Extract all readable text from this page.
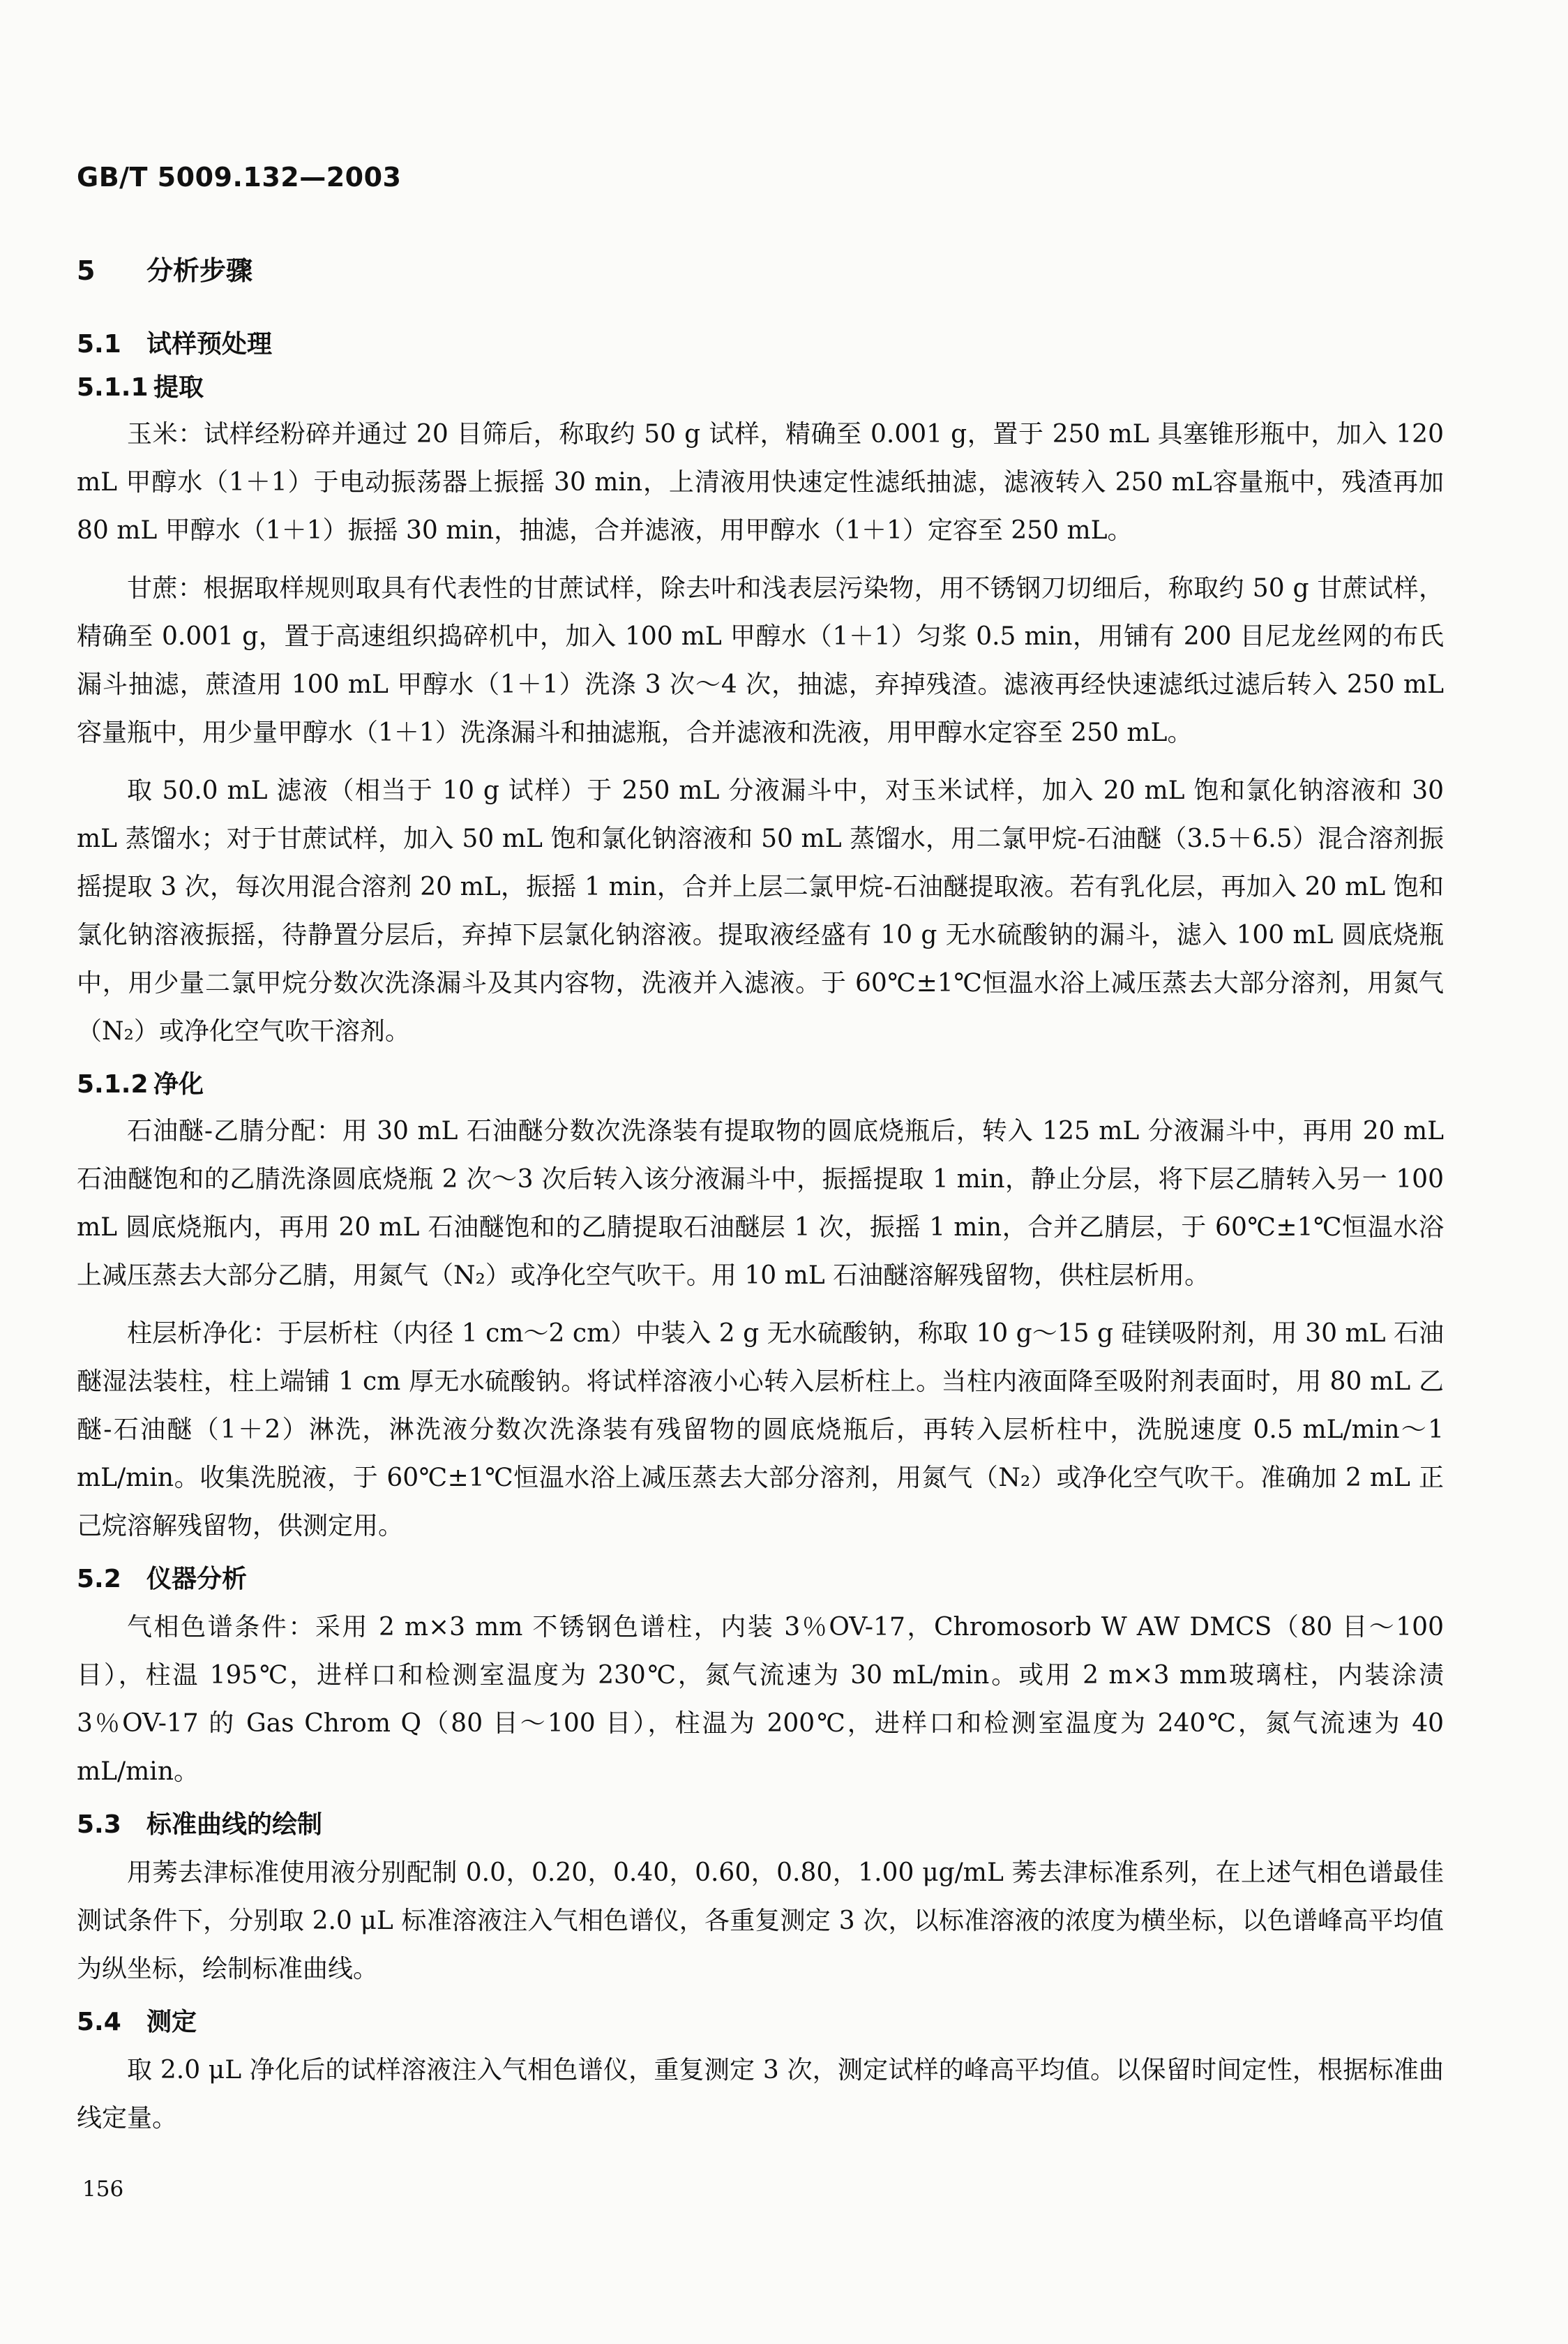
GB/T 5009.132—2003
5 分析步骤
5.1 试样预处理
5.1.1 提取

玉米：试样经粉碎并通过 20 目筛后，称取约 50 g 试样，精确至 0.001 g，置于 250 mL 具塞锥形瓶中，加入 120 mL 甲醇水（1＋1）于电动振荡器上振摇 30 min，上清液用快速定性滤纸抽滤，滤液转入 250 mL容量瓶中，残渣再加 80 mL 甲醇水（1＋1）振摇 30 min，抽滤，合并滤液，用甲醇水（1＋1）定容至 250 mL。

甘蔗：根据取样规则取具有代表性的甘蔗试样，除去叶和浅表层污染物，用不锈钢刀切细后，称取约 50 g 甘蔗试样，精确至 0.001 g，置于高速组织捣碎机中，加入 100 mL 甲醇水（1＋1）匀浆 0.5 min，用铺有 200 目尼龙丝网的布氏漏斗抽滤，蔗渣用 100 mL 甲醇水（1＋1）洗涤 3 次～4 次，抽滤，弃掉残渣。滤液再经快速滤纸过滤后转入 250 mL 容量瓶中，用少量甲醇水（1＋1）洗涤漏斗和抽滤瓶，合并滤液和洗液，用甲醇水定容至 250 mL。

取 50.0 mL 滤液（相当于 10 g 试样）于 250 mL 分液漏斗中，对玉米试样，加入 20 mL 饱和氯化钠溶液和 30 mL 蒸馏水；对于甘蔗试样，加入 50 mL 饱和氯化钠溶液和 50 mL 蒸馏水，用二氯甲烷-石油醚（3.5＋6.5）混合溶剂振摇提取 3 次，每次用混合溶剂 20 mL，振摇 1 min，合并上层二氯甲烷-石油醚提取液。若有乳化层，再加入 20 mL 饱和氯化钠溶液振摇，待静置分层后，弃掉下层氯化钠溶液。提取液经盛有 10 g 无水硫酸钠的漏斗，滤入 100 mL 圆底烧瓶中，用少量二氯甲烷分数次洗涤漏斗及其内容物，洗液并入滤液。于 60℃±1℃恒温水浴上减压蒸去大部分溶剂，用氮气（N₂）或净化空气吹干溶剂。

5.1.2 净化

石油醚-乙腈分配：用 30 mL 石油醚分数次洗涤装有提取物的圆底烧瓶后，转入 125 mL 分液漏斗中，再用 20 mL 石油醚饱和的乙腈洗涤圆底烧瓶 2 次～3 次后转入该分液漏斗中，振摇提取 1 min，静止分层，将下层乙腈转入另一 100 mL 圆底烧瓶内，再用 20 mL 石油醚饱和的乙腈提取石油醚层 1 次，振摇 1 min，合并乙腈层，于 60℃±1℃恒温水浴上减压蒸去大部分乙腈，用氮气（N₂）或净化空气吹干。用 10 mL 石油醚溶解残留物，供柱层析用。

柱层析净化：于层析柱（内径 1 cm～2 cm）中装入 2 g 无水硫酸钠，称取 10 g～15 g 硅镁吸附剂，用 30 mL 石油醚湿法装柱，柱上端铺 1 cm 厚无水硫酸钠。将试样溶液小心转入层析柱上。当柱内液面降至吸附剂表面时，用 80 mL 乙醚-石油醚（1＋2）淋洗，淋洗液分数次洗涤装有残留物的圆底烧瓶后，再转入层析柱中，洗脱速度 0.5 mL/min～1 mL/min。收集洗脱液，于 60℃±1℃恒温水浴上减压蒸去大部分溶剂，用氮气（N₂）或净化空气吹干。准确加 2 mL 正己烷溶解残留物，供测定用。

5.2 仪器分析

气相色谱条件：采用 2 m×3 mm 不锈钢色谱柱，内装 3％OV-17，Chromosorb W AW DMCS（80 目～100 目），柱温 195℃，进样口和检测室温度为 230℃，氮气流速为 30 mL/min。或用 2 m×3 mm玻璃柱，内装涂渍 3％OV-17 的 Gas Chrom Q（80 目～100 目），柱温为 200℃，进样口和检测室温度为 240℃，氮气流速为 40 mL/min。

5.3 标准曲线的绘制

用莠去津标准使用液分别配制 0.0，0.20，0.40，0.60，0.80，1.00 μg/mL 莠去津标准系列，在上述气相色谱最佳测试条件下，分别取 2.0 μL 标准溶液注入气相色谱仪，各重复测定 3 次，以标准溶液的浓度为横坐标，以色谱峰高平均值为纵坐标，绘制标准曲线。

5.4 测定

取 2.0 μL 净化后的试样溶液注入气相色谱仪，重复测定 3 次，测定试样的峰高平均值。以保留时间定性，根据标准曲线定量。

156
